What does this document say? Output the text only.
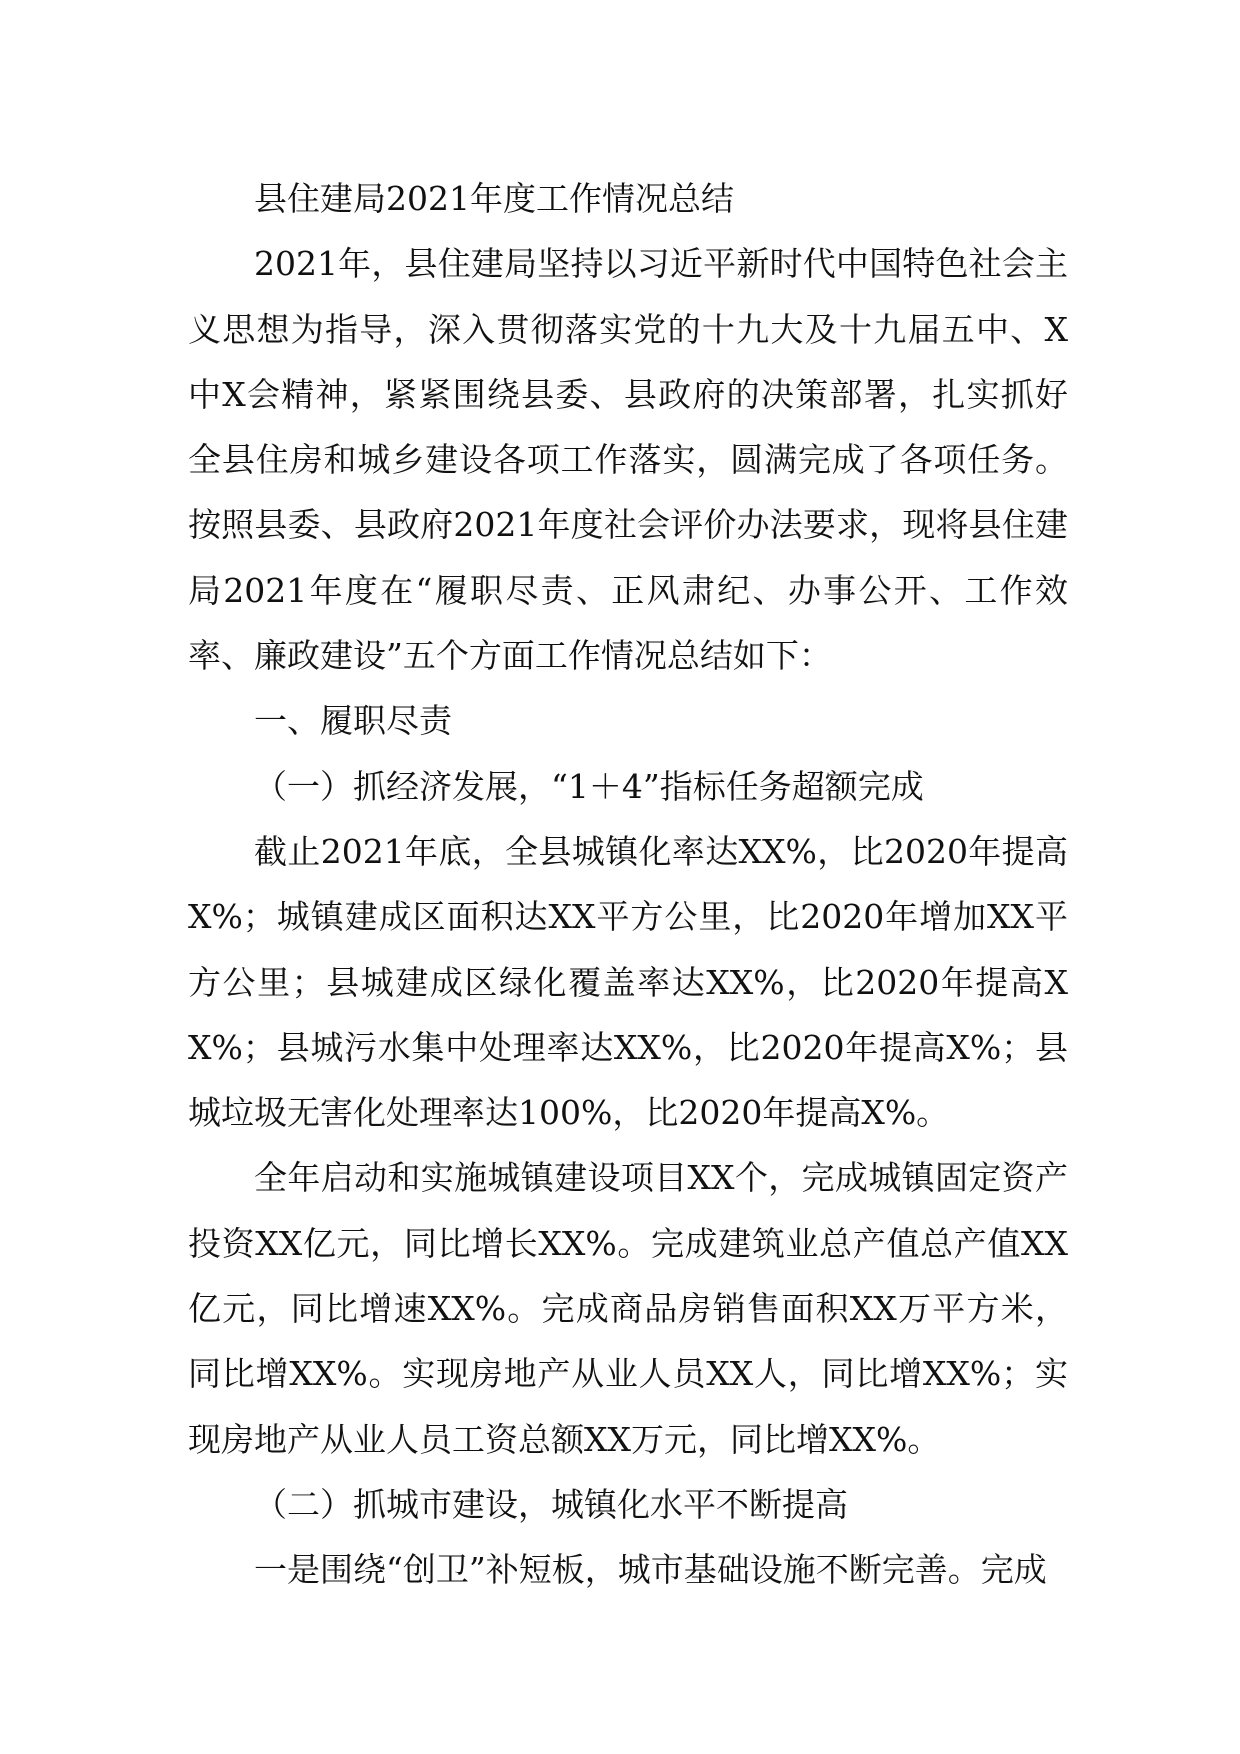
县住建局2021年度工作情况总结

2021年，县住建局坚持以习近平新时代中国特色社会主义思想为指导，深入贯彻落实党的十九大及十九届五中、X中X会精神，紧紧围绕县委、县政府的决策部署，扎实抓好全县住房和城乡建设各项工作落实，圆满完成了各项任务。按照县委、县政府2021年度社会评价办法要求，现将县住建局2021年度在“履职尽责、正风肃纪、办事公开、工作效率、廉政建设”五个方面工作情况总结如下：

一、履职尽责

（一）抓经济发展，“1＋4”指标任务超额完成

截止2021年底，全县城镇化率达XX%，比2020年提高X%；城镇建成区面积达XX平方公里，比2020年增加XX平方公里；县城建成区绿化覆盖率达XX%，比2020年提高XX%；县城污水集中处理率达XX%，比2020年提高X%；县城垃圾无害化处理率达100%，比2020年提高X%。

全年启动和实施城镇建设项目XX个，完成城镇固定资产投资XX亿元，同比增长XX%。完成建筑业总产值总产值XX亿元，同比增速XX%。完成商品房销售面积XX万平方米，同比增XX%。实现房地产从业人员XX人，同比增XX%；实现房地产从业人员工资总额XX万元，同比增XX%。

（二）抓城市建设，城镇化水平不断提高

一是围绕“创卫”补短板，城市基础设施不断完善。完成
